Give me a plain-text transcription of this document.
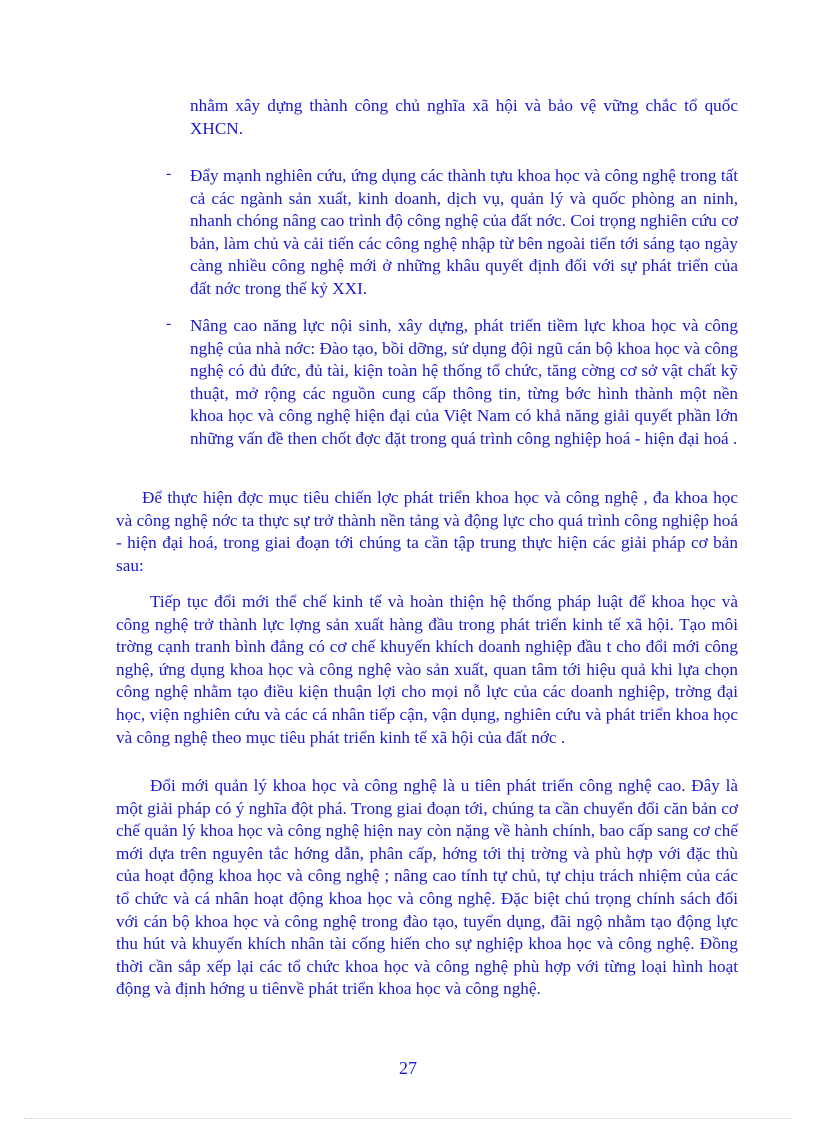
nhằm xây dựng thành công chủ nghĩa xã hội và bảo vệ vững chắc tổ quốc XHCN.

-	Đẩy mạnh nghiên cứu, ứng dụng các thành tựu khoa học và công nghệ trong tất cả các ngành sản xuất, kinh doanh, dịch vụ, quản lý và quốc phòng an ninh, nhanh chóng nâng cao trình độ công nghệ của đất nớc. Coi trọng nghiên cứu cơ bản, làm chủ và cải tiến các công nghệ nhập từ bên ngoài tiến tới sáng tạo ngày càng nhiều công nghệ mới ở những khâu quyết định đối với sự phát triển của đất nớc trong thế kỷ XXI.

-	Nâng cao năng lực nội sinh, xây dựng, phát triển tiềm lực khoa học và công nghệ của nhà nớc: Đào tạo, bồi dỡng, sử dụng đội ngũ cán bộ khoa học và công nghệ có đủ đức, đủ tài, kiện toàn hệ thống tổ chức, tăng cờng cơ sở vật chất kỹ thuật, mở rộng các nguồn cung cấp thông tin, từng bớc hình thành một nền khoa học và công nghệ hiện đại của Việt Nam có khả năng giải quyết phần lớn những vấn đề then chốt đợc đặt trong quá trình công nghiệp hoá - hiện đại hoá .

Để thực hiện đợc mục tiêu chiến lợc phát triển khoa học và công nghệ , đa khoa học và công nghệ nớc ta thực sự trở thành nền tảng và động lực cho quá trình công nghiệp hoá - hiện đại hoá, trong giai đoạn tới chúng ta cần tập trung thực hiện các giải pháp cơ bản sau:

Tiếp tục đổi mới thể chế kinh tế và hoàn thiện hệ thống pháp luật để khoa học và công nghệ trở thành lực lợng sản xuất hàng đầu trong phát triển kinh tế xã hội. Tạo môi trờng cạnh tranh bình đẳng có cơ chế khuyến khích doanh nghiệp đầu t cho đổi mới công nghệ, ứng dụng khoa học và công nghệ vào sản xuất, quan tâm tới hiệu quả khi lựa chọn công nghệ nhằm tạo điều kiện thuận lợi cho mọi nỗ lực của các doanh nghiệp, trờng đại học, viện nghiên cứu và các cá nhân tiếp cận, vận dụng, nghiên cứu và phát triển khoa học và công nghệ theo mục tiêu phát triển kinh tế xã hội của đất nớc .

Đổi mới quản lý khoa học và công nghệ là u tiên phát triển công nghệ cao. Đây là một giải pháp có ý nghĩa đột phá. Trong giai đoạn tới, chúng ta cần chuyển đổi căn bản cơ chế quản lý khoa học và công nghệ hiện nay còn nặng về hành chính, bao cấp sang cơ chế mới dựa trên nguyên tắc hớng dẫn, phân cấp, hớng tới thị trờng và phù hợp với đặc thù của hoạt động khoa học và công nghệ ; nâng cao tính tự chủ, tự chịu trách nhiệm của các tổ chức và cá nhân hoạt động khoa học và công nghệ. Đặc biệt chú trọng chính sách đối với cán bộ khoa học và công nghệ trong đào tạo, tuyển dụng, đãi ngộ nhằm tạo động lực thu hút và khuyến khích nhân tài cống hiến cho sự nghiệp khoa học và công nghệ. Đồng thời cần sắp xếp lại các tổ chức khoa học và công nghệ phù hợp với từng loại hình hoạt động và định hớng u tiênvề phát triển khoa học và công nghệ.

27
